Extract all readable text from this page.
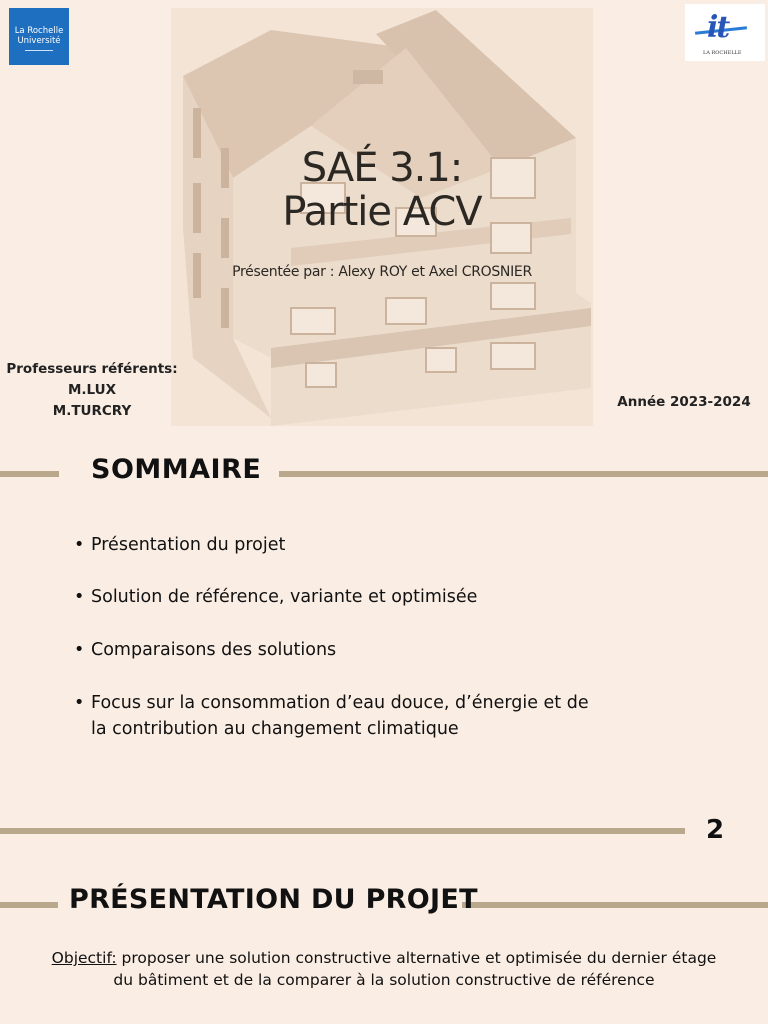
La Rochelle
Université	it
LA ROCHELLE
SAÉ 3.1:
Partie ACV
Présentée par : Alexy ROY et Axel CROSNIER
Professeurs référents:
M.LUX
M.TURCRY
Année 2023-2024
SOMMAIRE
• Présentation du projet
• Solution de référence, variante et optimisée
• Comparaisons des solutions
• Focus sur la consommation d’eau douce, d’énergie et de la contribution au changement climatique
2
PRÉSENTATION DU PROJET
Objectif: proposer une solution constructive alternative et optimisée du dernier étage du bâtiment et de la comparer à la solution constructive de référence
